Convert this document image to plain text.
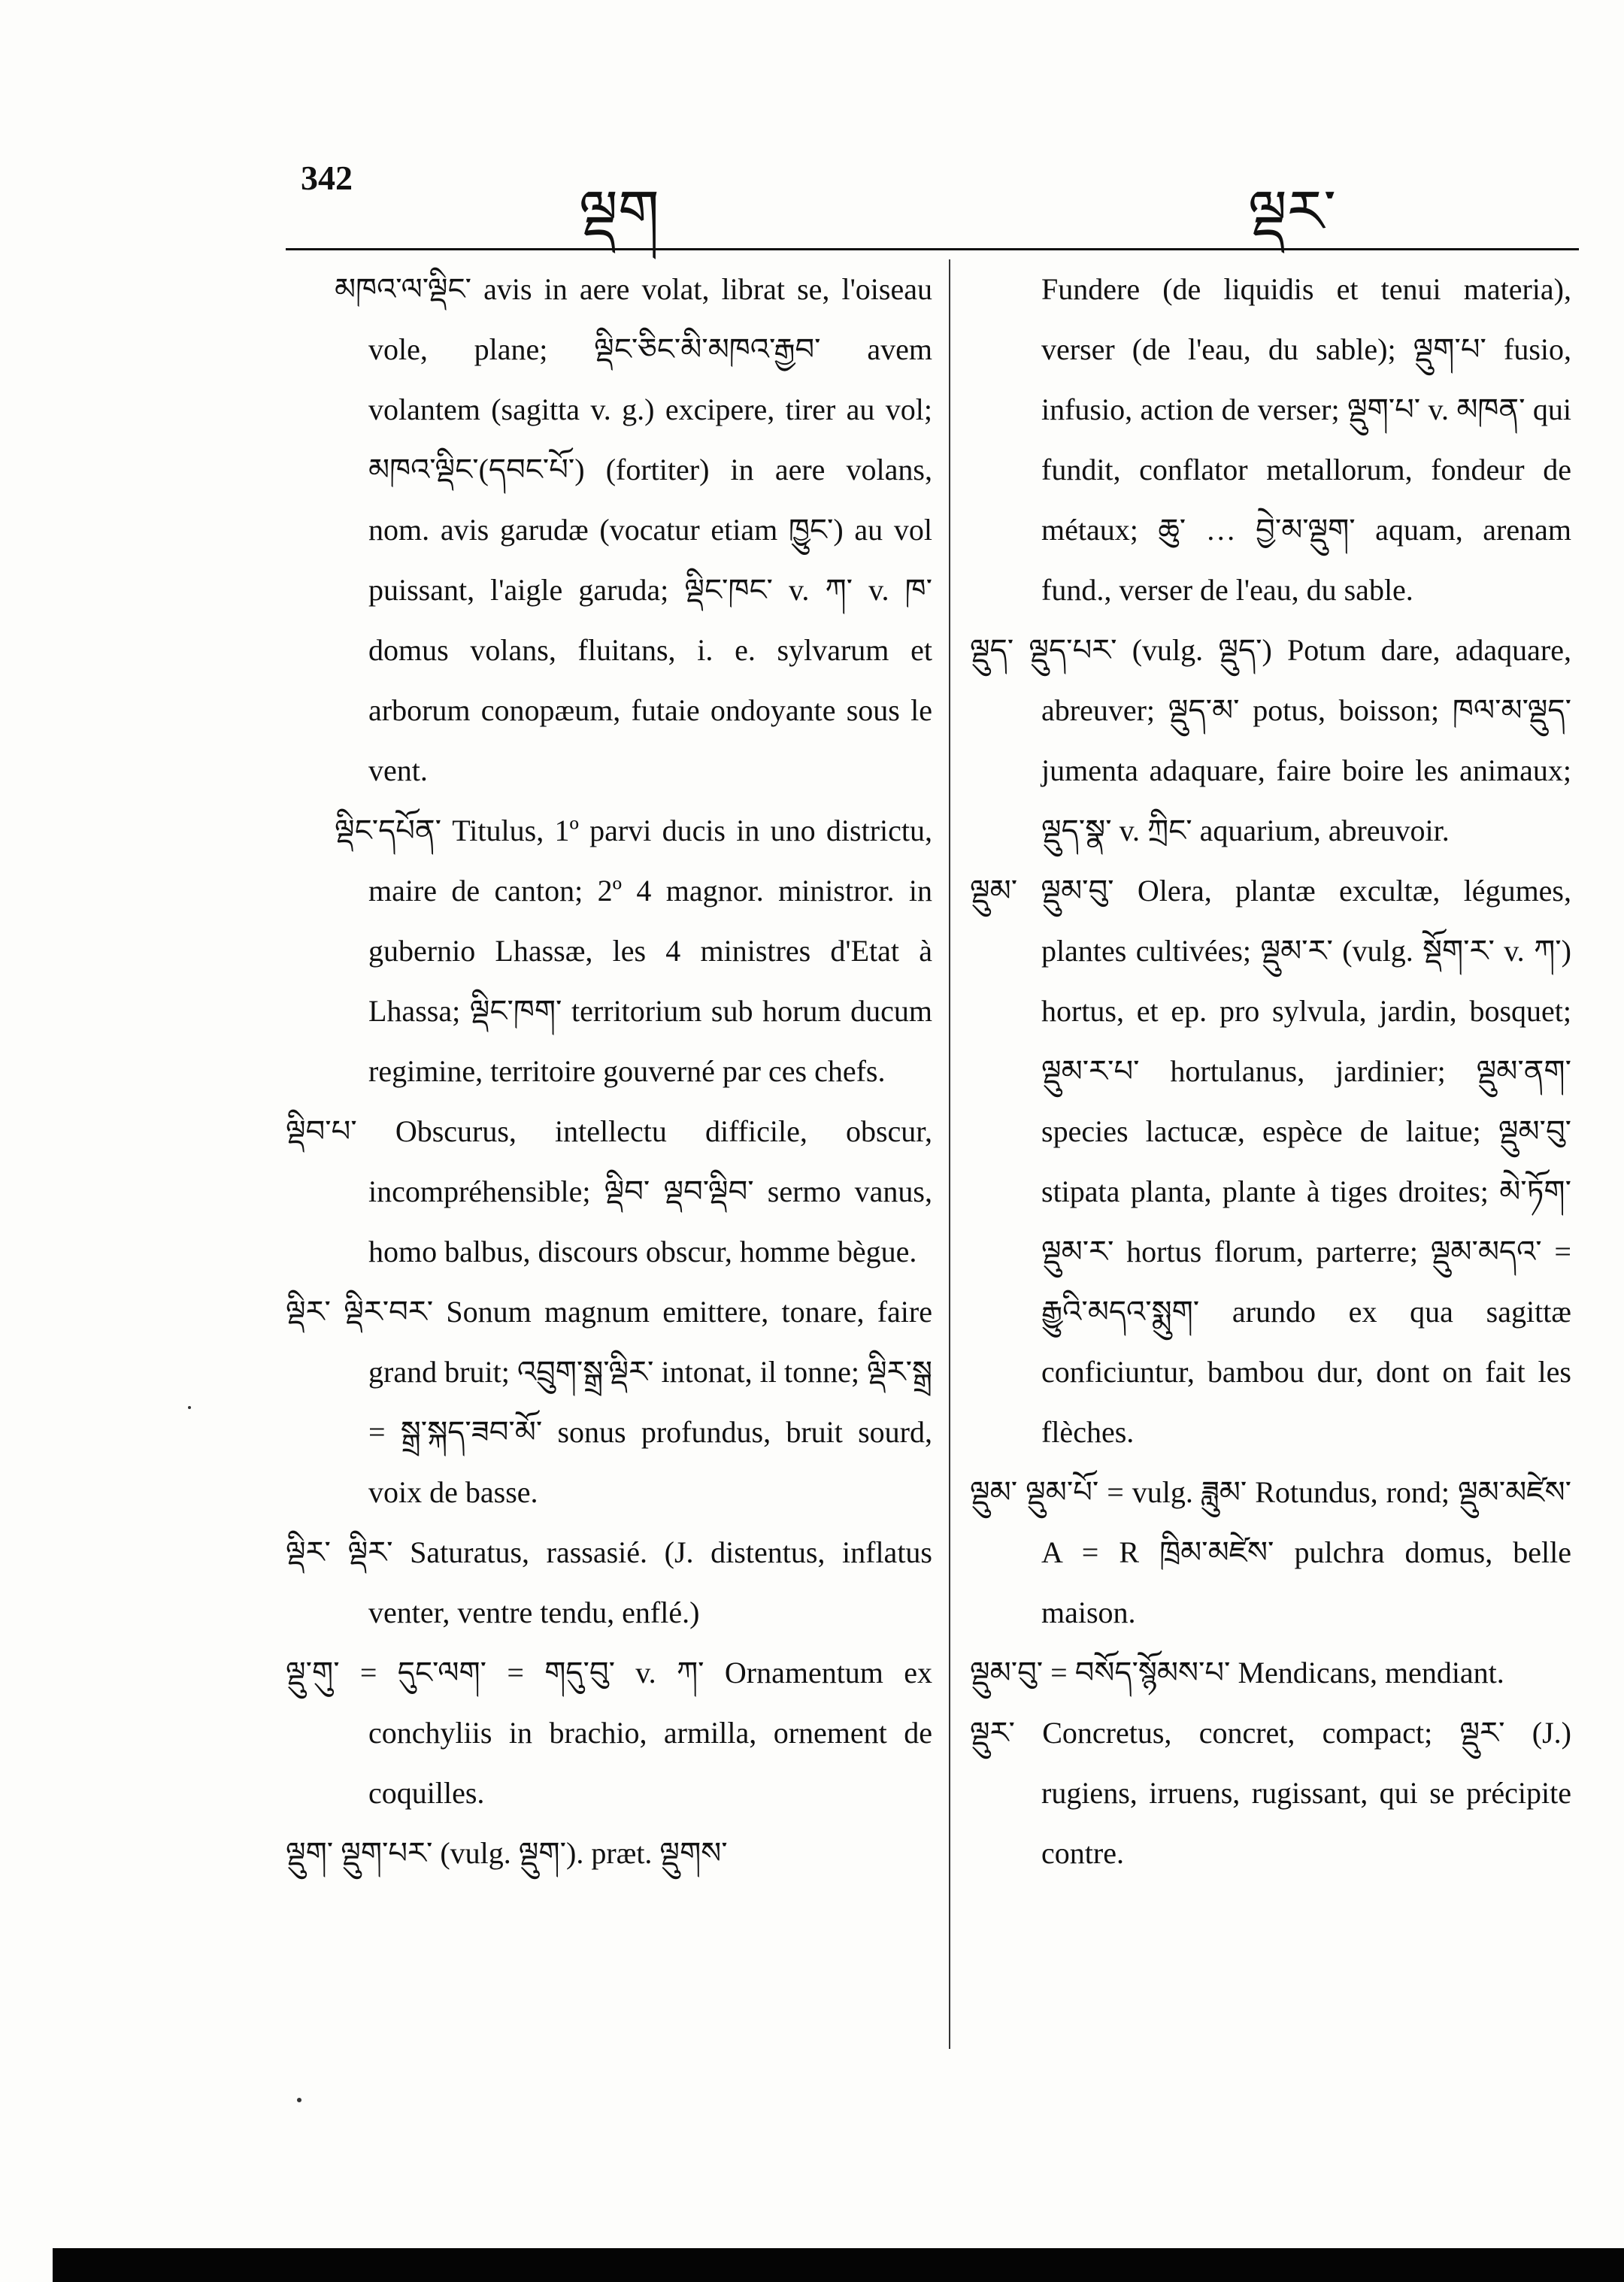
342
ལྡག	ལྡར་
མཁའ་ལ་ལྡིང་ avis in aere volat, librat se, l'oiseau vole, plane; ལྡིང་ཅིང་མི་མཁའ་རྒྱབ་ avem volantem (sagitta v. g.) excipere, tirer au vol; མཁའ་ལྡིང་(དབང་པོ་) (fortiter) in aere volans, nom. avis garudæ (vocatur etiam ཁྱུང་) au vol puissant, l'aigle garuda; ལྡིང་ཁང་ v. ཀ་ v. ཁ་ domus volans, fluitans, i. e. sylvarum et arborum conopæum, futaie ondoyante sous le vent.
ལྡིང་དཔོན་ Titulus, 1º parvi ducis in uno districtu, maire de canton; 2º 4 magnor. ministror. in gubernio Lhassæ, les 4 ministres d'Etat à Lhassa; ལྡིང་ཁག་ territorium sub horum ducum regimine, territoire gouverné par ces chefs.
ལྡིབ་པ་ Obscurus, intellectu difficile, obscur, incompréhensible; ལྡིབ་ ལྡབ་ལྡིབ་ sermo vanus, homo balbus, discours obscur, homme bègue.
ལྡིར་ ལྡིར་བར་ Sonum magnum emittere, tonare, faire grand bruit; འབྲུག་སྒྲ་ལྡིར་ intonat, il tonne; ལྡིར་སྒྲ = སྒྲ་སྐད་ཟབ་མོ་ sonus profundus, bruit sourd, voix de basse.
ལྡིར་ ལྡིར་ Saturatus, rassasié. (J. distentus, inflatus venter, ventre tendu, enflé.)
ལྡུ་གུ་ = དུང་ལག་ = གདུ་བུ་ v. ཀ་ Ornamentum ex conchyliis in brachio, armilla, ornement de coquilles.
ལྡུག་ ལྡུག་པར་ (vulg. ལྡུག་). præt. ལྡུགས་
Fundere (de liquidis et tenui materia), verser (de l'eau, du sable); ལྡུག་པ་ fusio, infusio, action de verser; ལྡུག་པ་ v. མཁན་ qui fundit, conflator metallorum, fondeur de métaux; ཆུ་ … བྱེ་མ་ལྡུག་ aquam, arenam fund., verser de l'eau, du sable.
ལྡུད་ ལྡུད་པར་ (vulg. ལྡུད་) Potum dare, adaquare, abreuver; ལྡུད་མ་ potus, boisson; ཁལ་མ་ལྡུད་ jumenta adaquare, faire boire les animaux; ལྡུད་སྣ་ v. ཀྲིང་ aquarium, abreuvoir.
ལྡུམ་ ལྡུམ་བུ་ Olera, plantæ excultæ, légumes, plantes cultivées; ལྡུམ་ར་ (vulg. སྡོག་ར་ v. ཀ་) hortus, et ep. pro sylvula, jardin, bosquet; ལྡུམ་ར་པ་ hortulanus, jardinier; ལྡུམ་ནག་ species lactucæ, espèce de laitue; ལྡུམ་བུ་ stipata planta, plante à tiges droites; མེ་ཏོག་ལྡུམ་ར་ hortus florum, parterre; ལྡུམ་མདའ་ = རྒྱུའི་མདའ་སྨུག་ arundo ex qua sagittæ conficiuntur, bambou dur, dont on fait les flèches.
ལྡུམ་ ལྡུམ་པོ་ = vulg. ཟླུམ་ Rotundus, rond; ལྡུམ་མཛེས་ A = R ཁྲིམ་མཛེས་ pulchra domus, belle maison.
ལྡུམ་བུ་ = བསོད་སྙོམས་པ་ Mendicans, mendiant.
ལྡུར་ Concretus, concret, compact; ལྡུར་ (J.) rugiens, irruens, rugissant, qui se précipite contre.
